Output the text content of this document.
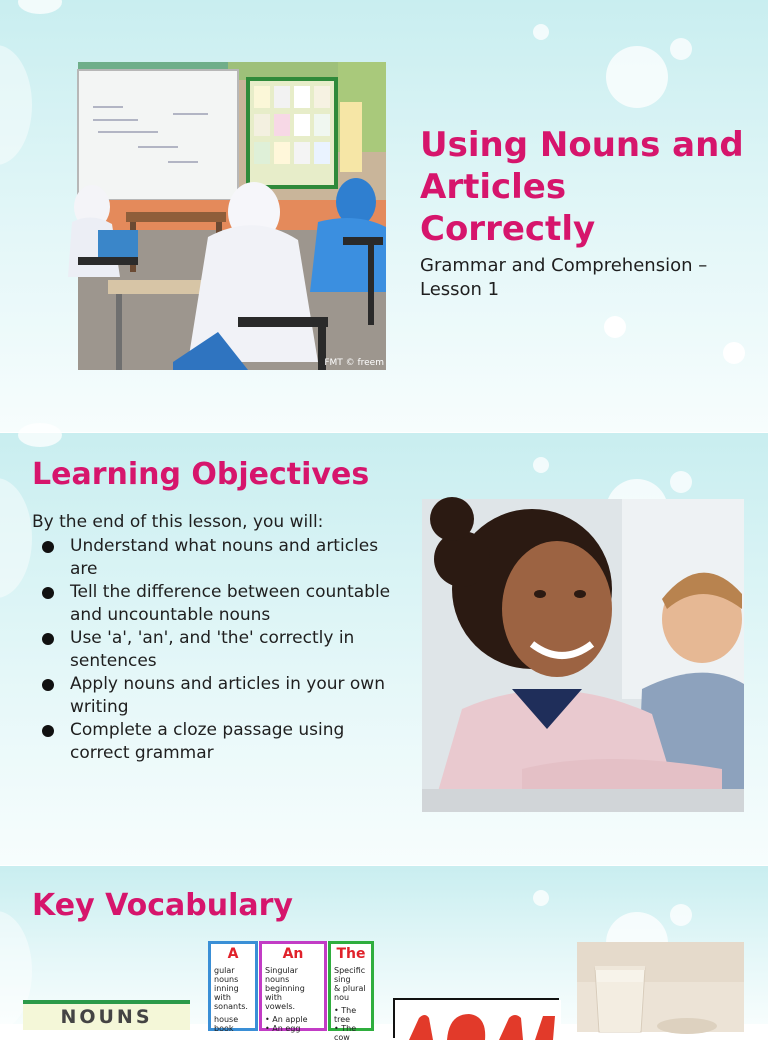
FMT © freem
Using Nouns and Articles Correctly

Grammar and Comprehension – Lesson 1

Learning Objectives

By the end of this lesson, you will:

Understand what nouns and articles are
Tell the difference between countable and uncountable nouns
Use 'a', 'an', and 'the' correctly in sentences
Apply nouns and articles in your own writing
Complete a cloze passage using correct grammar
Key Vocabulary
NOUNS
A
gular nouns
inning with
sonants.
house
book
An
Singular nouns
beginning with
vowels.
• An apple
• An egg
The
Specific sing
& plural nou
• The tree
• The cow
